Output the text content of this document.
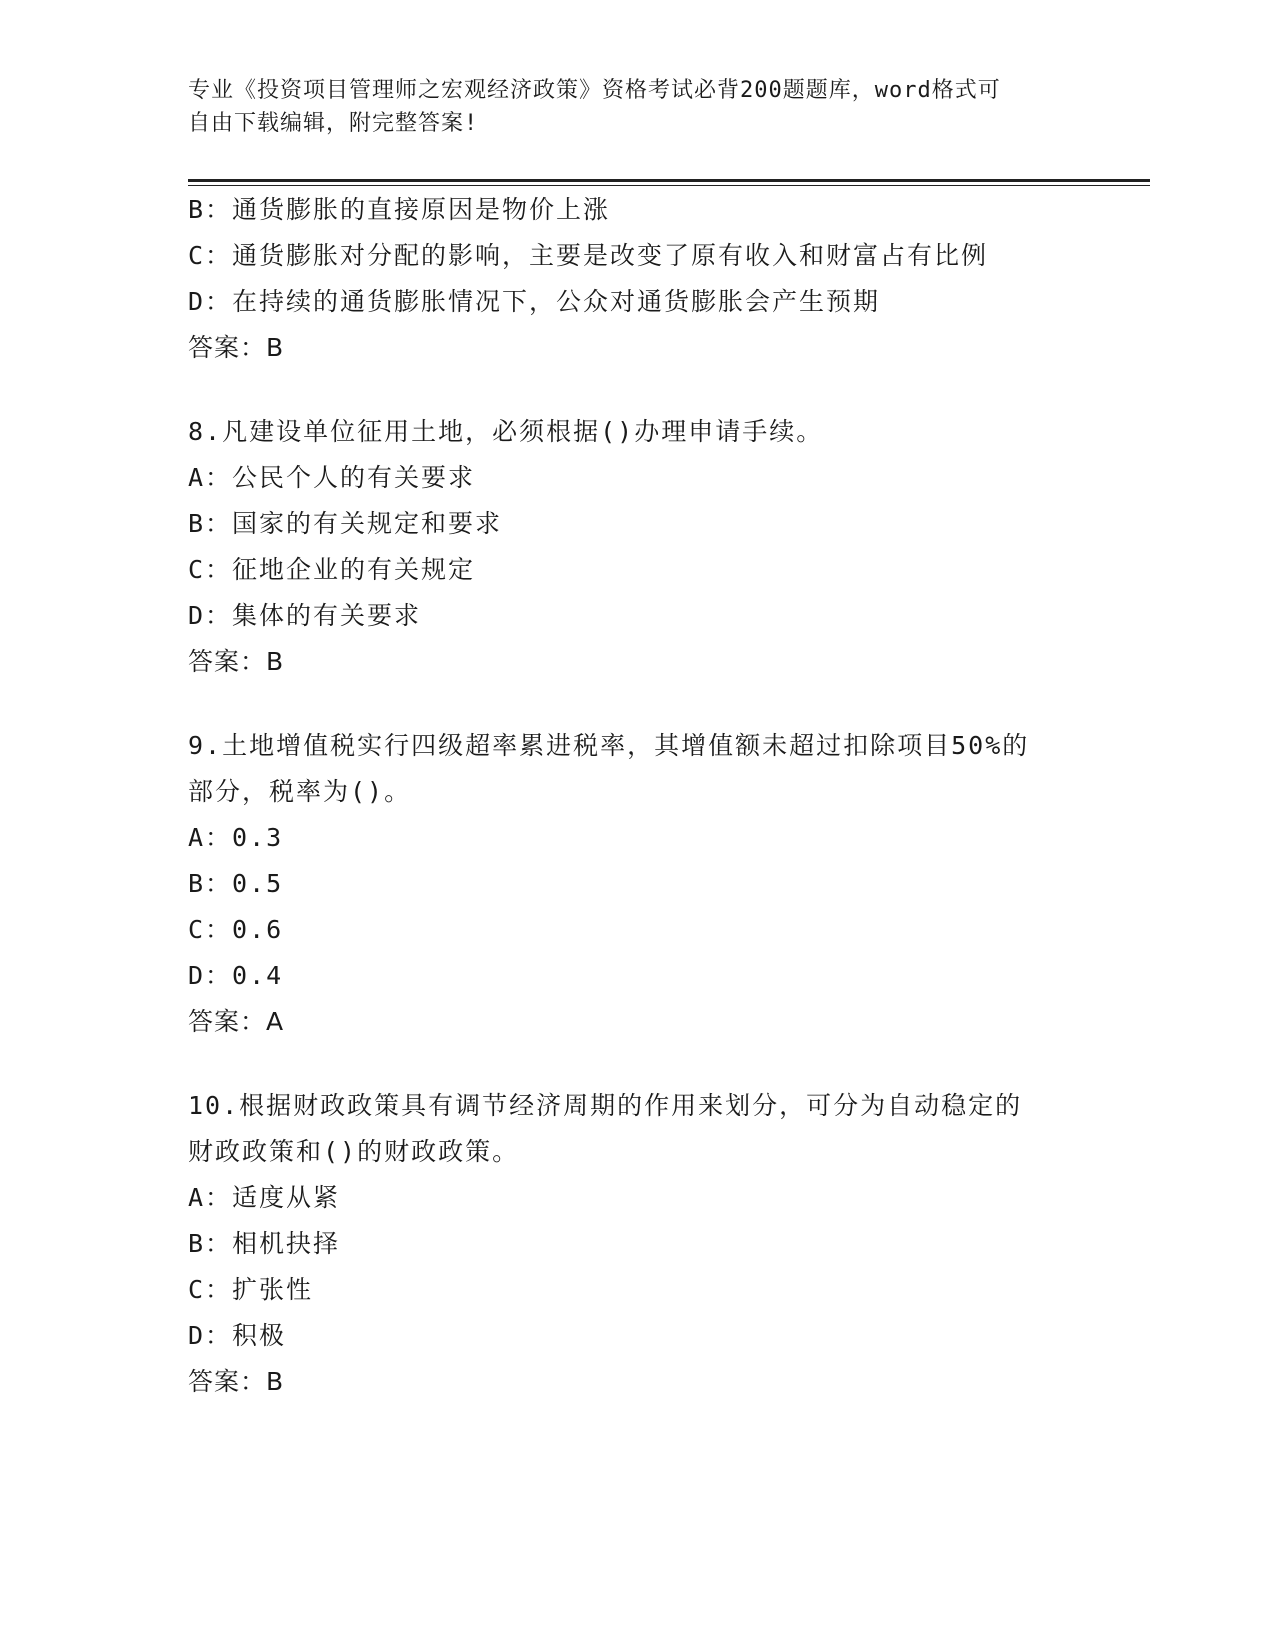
专业《投资项目管理师之宏观经济政策》资格考试必背200题题库，word格式可
自由下载编辑，附完整答案!
B：通货膨胀的直接原因是物价上涨
C：通货膨胀对分配的影响，主要是改变了原有收入和财富占有比例
D：在持续的通货膨胀情况下，公众对通货膨胀会产生预期
答案：B
8.凡建设单位征用土地，必须根据()办理申请手续。
A：公民个人的有关要求
B：国家的有关规定和要求
C：征地企业的有关规定
D：集体的有关要求
答案：B
9.土地增值税实行四级超率累进税率，其增值额未超过扣除项目50%的
部分，税率为()。
A：0.3
B：0.5
C：0.6
D：0.4
答案：A
10.根据财政政策具有调节经济周期的作用来划分，可分为自动稳定的
财政政策和()的财政政策。
A：适度从紧
B：相机抉择
C：扩张性
D：积极
答案：B
